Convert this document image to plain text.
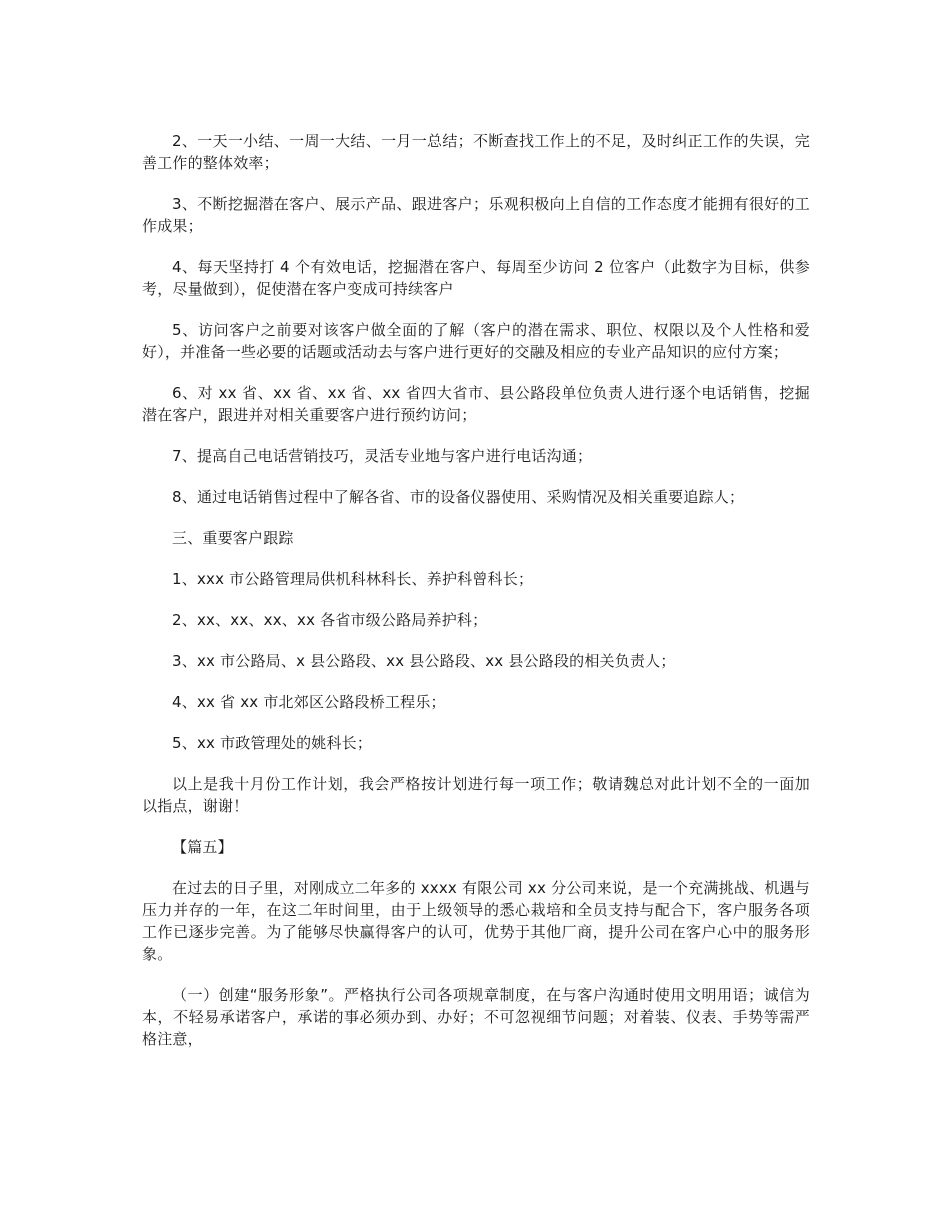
2、一天一小结、一周一大结、一月一总结；不断查找工作上的不足，及时纠正工作的失误，完善工作的整体效率；

3、不断挖掘潜在客户、展示产品、跟进客户；乐观积极向上自信的工作态度才能拥有很好的工作成果；

4、每天坚持打 4 个有效电话，挖掘潜在客户、每周至少访问 2 位客户（此数字为目标，供参考，尽量做到），促使潜在客户变成可持续客户

5、访问客户之前要对该客户做全面的了解（客户的潜在需求、职位、权限以及个人性格和爱好），并准备一些必要的话题或活动去与客户进行更好的交融及相应的专业产品知识的应付方案；

6、对 xx 省、xx 省、xx 省、xx 省四大省市、县公路段单位负责人进行逐个电话销售，挖掘潜在客户，跟进并对相关重要客户进行预约访问；

7、提高自己电话营销技巧，灵活专业地与客户进行电话沟通；

8、通过电话销售过程中了解各省、市的设备仪器使用、采购情况及相关重要追踪人；

三、重要客户跟踪

1、xxx 市公路管理局供机科林科长、养护科曾科长；

2、xx、xx、xx、xx 各省市级公路局养护科；

3、xx 市公路局、x 县公路段、xx 县公路段、xx 县公路段的相关负责人；

4、xx 省 xx 市北郊区公路段桥工程乐；

5、xx 市政管理处的姚科长；

以上是我十月份工作计划，我会严格按计划进行每一项工作；敬请魏总对此计划不全的一面加以指点，谢谢！

【篇五】

在过去的日子里，对刚成立二年多的 xxxx 有限公司 xx 分公司来说，是一个充满挑战、机遇与压力并存的一年，在这二年时间里，由于上级领导的悉心栽培和全员支持与配合下，客户服务各项工作已逐步完善。为了能够尽快赢得客户的认可，优势于其他厂商，提升公司在客户心中的服务形象。

（一）创建“服务形象”。严格执行公司各项规章制度，在与客户沟通时使用文明用语；诚信为本，不轻易承诺客户，承诺的事必须办到、办好；不可忽视细节问题；对着装、仪表、手势等需严格注意，
